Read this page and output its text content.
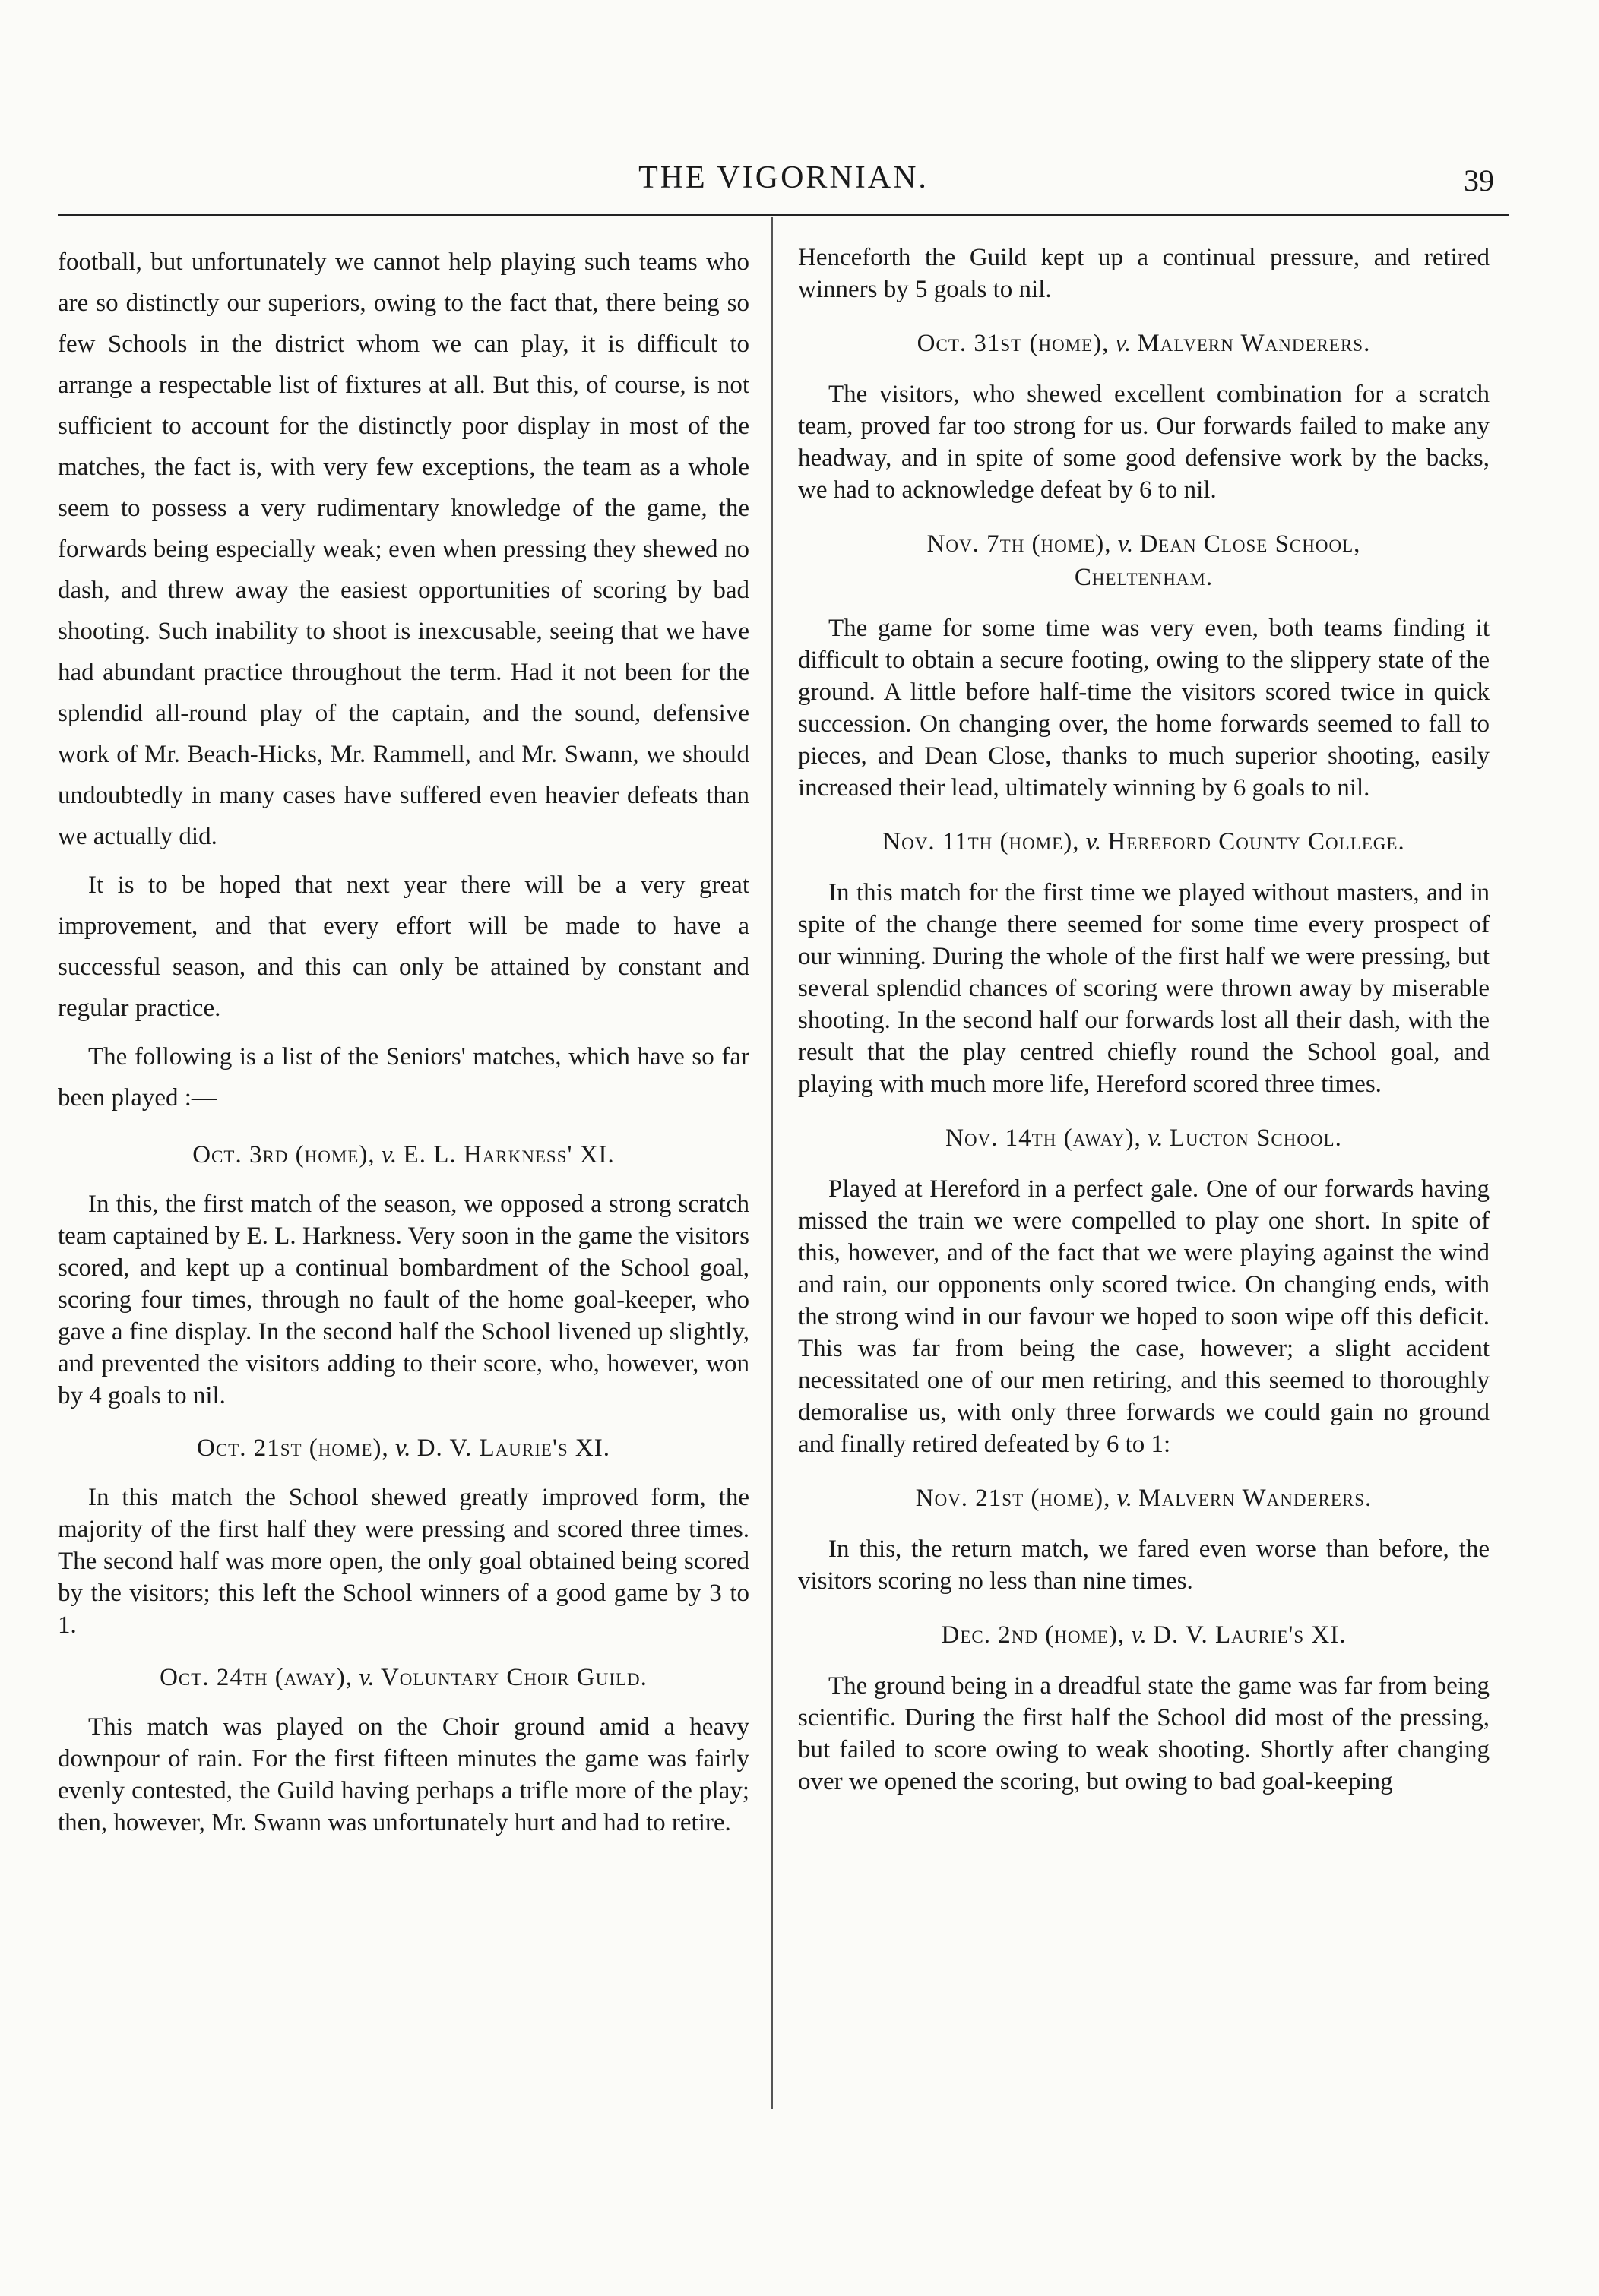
THE VIGORNIAN.	39

football, but unfortunately we cannot help playing such teams who are so distinctly our superiors, owing to the fact that, there being so few Schools in the district whom we can play, it is difficult to arrange a respectable list of fixtures at all. But this, of course, is not sufficient to account for the distinctly poor display in most of the matches, the fact is, with very few exceptions, the team as a whole seem to possess a very rudimentary knowledge of the game, the forwards being especially weak; even when pressing they shewed no dash, and threw away the easiest opportunities of scoring by bad shooting. Such inability to shoot is inexcusable, seeing that we have had abundant practice throughout the term. Had it not been for the splendid all-round play of the captain, and the sound, defensive work of Mr. Beach-Hicks, Mr. Rammell, and Mr. Swann, we should undoubtedly in many cases have suffered even heavier defeats than we actually did.

It is to be hoped that next year there will be a very great improvement, and that every effort will be made to have a successful season, and this can only be attained by constant and regular practice.

The following is a list of the Seniors' matches, which have so far been played :—

Oct. 3rd (home), v. E. L. Harkness' XI.

In this, the first match of the season, we opposed a strong scratch team captained by E. L. Harkness. Very soon in the game the visitors scored, and kept up a continual bombardment of the School goal, scoring four times, through no fault of the home goal-keeper, who gave a fine display. In the second half the School livened up slightly, and prevented the visitors adding to their score, who, however, won by 4 goals to nil.

Oct. 21st (home), v. D. V. Laurie's XI.

In this match the School shewed greatly improved form, the majority of the first half they were pressing and scored three times. The second half was more open, the only goal obtained being scored by the visitors; this left the School winners of a good game by 3 to 1.

Oct. 24th (away), v. Voluntary Choir Guild.

This match was played on the Choir ground amid a heavy downpour of rain. For the first fifteen minutes the game was fairly evenly contested, the Guild having perhaps a trifle more of the play; then, however, Mr. Swann was unfortunately hurt and had to retire.

Henceforth the Guild kept up a continual pressure, and retired winners by 5 goals to nil.

Oct. 31st (home), v. Malvern Wanderers.

The visitors, who shewed excellent combination for a scratch team, proved far too strong for us. Our forwards failed to make any headway, and in spite of some good defensive work by the backs, we had to acknowledge defeat by 6 to nil.

Nov. 7th (home), v. Dean Close School,
Cheltenham.

The game for some time was very even, both teams finding it difficult to obtain a secure footing, owing to the slippery state of the ground. A little before half-time the visitors scored twice in quick succession. On changing over, the home forwards seemed to fall to pieces, and Dean Close, thanks to much superior shooting, easily increased their lead, ultimately winning by 6 goals to nil.

Nov. 11th (home), v. Hereford County College.

In this match for the first time we played without masters, and in spite of the change there seemed for some time every prospect of our winning. During the whole of the first half we were pressing, but several splendid chances of scoring were thrown away by miserable shooting. In the second half our forwards lost all their dash, with the result that the play centred chiefly round the School goal, and playing with much more life, Hereford scored three times.

Nov. 14th (away), v. Lucton School.

Played at Hereford in a perfect gale. One of our forwards having missed the train we were compelled to play one short. In spite of this, however, and of the fact that we were playing against the wind and rain, our opponents only scored twice. On changing ends, with the strong wind in our favour we hoped to soon wipe off this deficit. This was far from being the case, however; a slight accident necessitated one of our men retiring, and this seemed to thoroughly demoralise us, with only three forwards we could gain no ground and finally retired defeated by 6 to 1:

Nov. 21st (home), v. Malvern Wanderers.

In this, the return match, we fared even worse than before, the visitors scoring no less than nine times.

Dec. 2nd (home), v. D. V. Laurie's XI.

The ground being in a dreadful state the game was far from being scientific. During the first half the School did most of the pressing, but failed to score owing to weak shooting. Shortly after changing over we opened the scoring, but owing to bad goal-keeping
